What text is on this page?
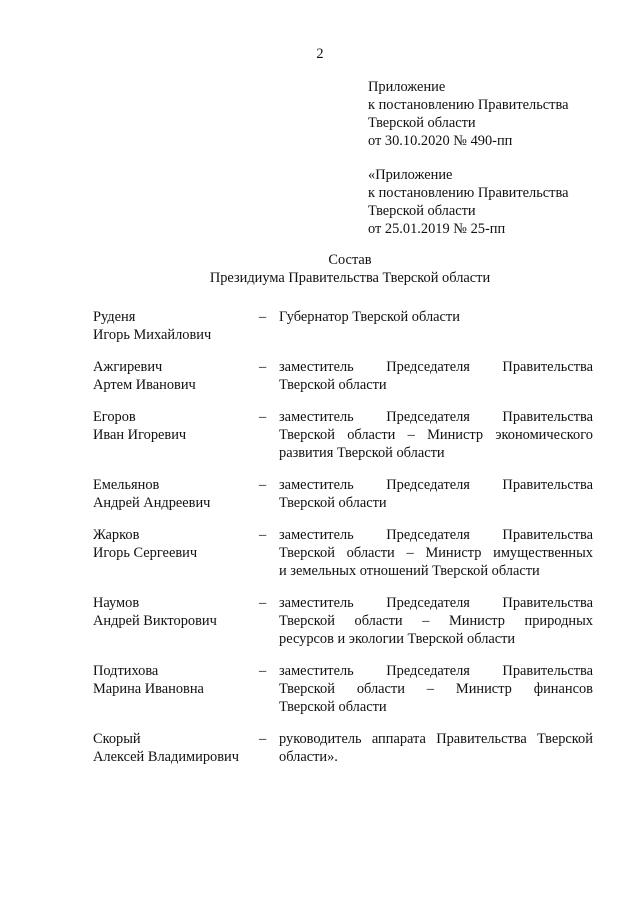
2
Приложение
к постановлению Правительства
Тверской области
от 30.10.2020 № 490-пп
«Приложение
к постановлению Правительства
Тверской области
от 25.01.2019 № 25-пп
Состав
Президиума Правительства Тверской области
Руденя
Игорь Михайлович
– Губернатор Тверской области
Ажгиревич
Артем Иванович
– заместитель Председателя Правительства
Тверской области
Егоров
Иван Игоревич
– заместитель Председателя Правительства
Тверской области – Министр экономического
развития Тверской области
Емельянов
Андрей Андреевич
– заместитель Председателя Правительства
Тверской области
Жарков
Игорь Сергеевич
– заместитель Председателя Правительства
Тверской области – Министр имущественных
и земельных отношений Тверской области
Наумов
Андрей Викторович
– заместитель Председателя Правительства
Тверской области – Министр природных
ресурсов и экологии Тверской области
Подтихова
Марина Ивановна
– заместитель Председателя Правительства
Тверской области – Министр финансов
Тверской области
Скорый
Алексей Владимирович
– руководитель аппарата Правительства Тверской
области».
